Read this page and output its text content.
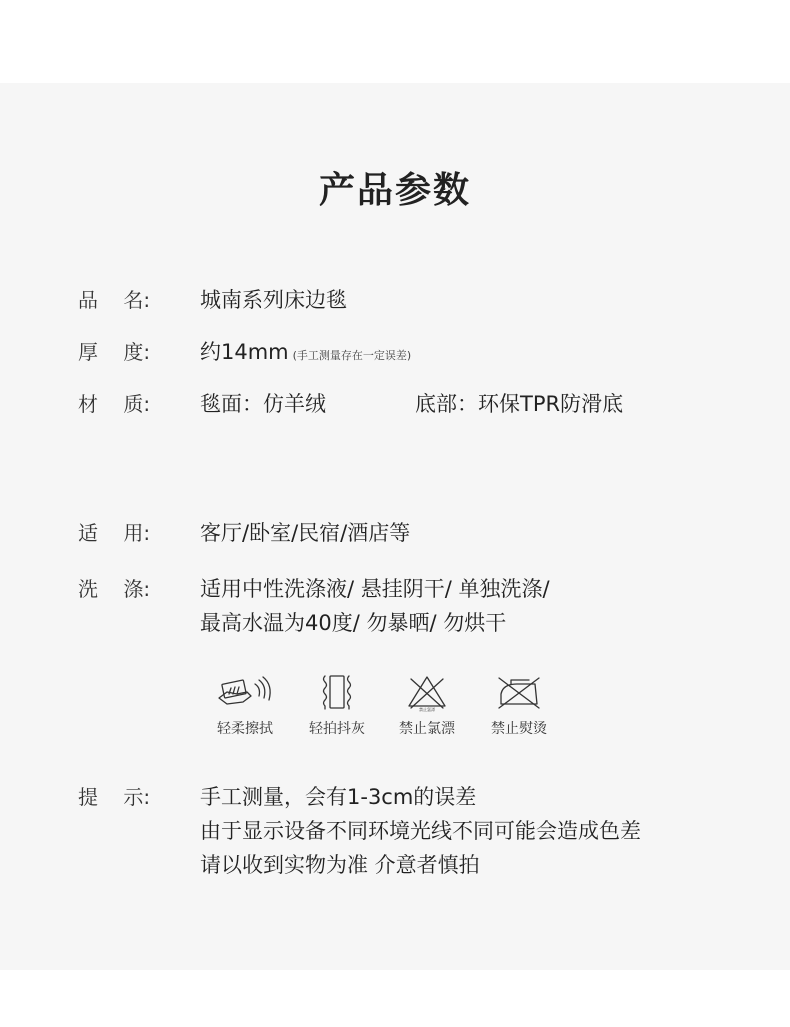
产品参数
品    名: 城南系列床边毯
厚    度: 约14mm (手工测量存在一定误差)
材    质: 毯面：仿羊绒	底部：环保TPR防滑底
适    用: 客厅/卧室/民宿/酒店等
洗    涤: 适用中性洗涤液/ 悬挂阴干/ 单独洗涤/
最高水温为40度/ 勿暴晒/ 勿烘干
轻柔擦拭	轻拍抖灰
禁止氯漂
禁止氯漂	禁止熨烫
提    示: 手工测量，会有1-3cm的误差
由于显示设备不同环境光线不同可能会造成色差
请以收到实物为准 介意者慎拍
